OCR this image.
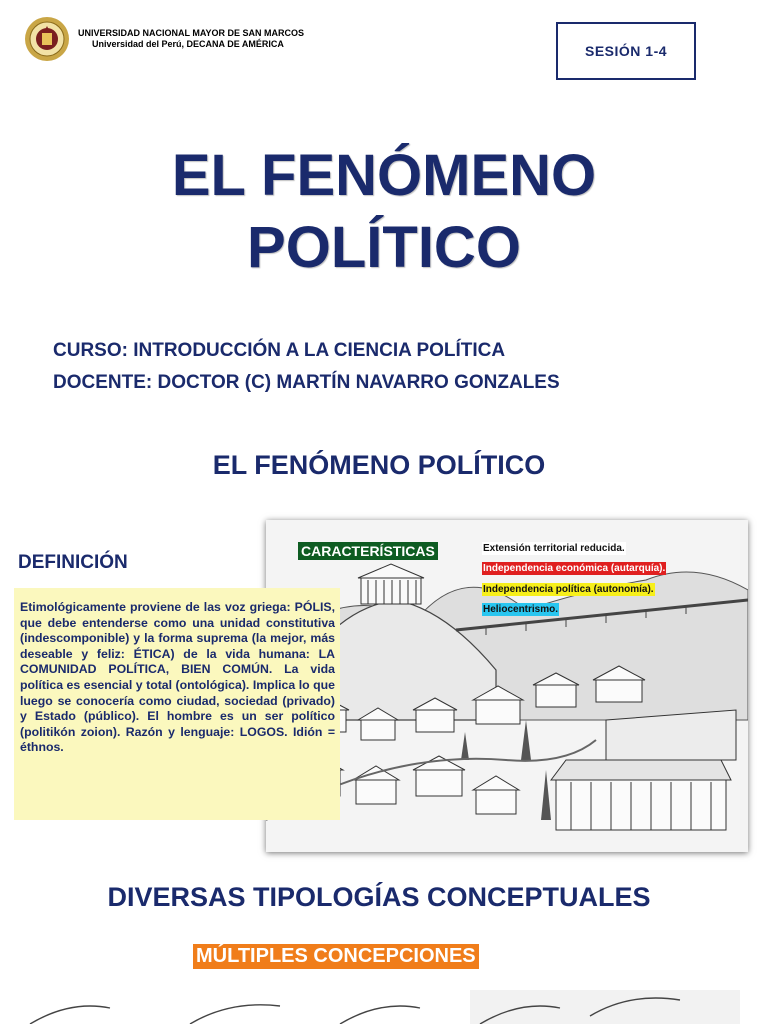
UNIVERSIDAD NACIONAL MAYOR DE SAN MARCOS
Universidad del Perú, DECANA DE AMÉRICA	SESIÓN 1-4
EL FENÓMENO
POLÍTICO
CURSO: INTRODUCCIÓN A LA CIENCIA POLÍTICA
DOCENTE: DOCTOR (C) MARTÍN NAVARRO GONZALES
EL FENÓMENO POLÍTICO
CARACTERÍSTICAS	Extensión territorial reducida.
Independencia económica (autarquía).
Independencia política (autonomía).
Heliocentrismo.
DEFINICIÓN

Etimológicamente proviene de las voz griega: PÓLIS, que debe entenderse como una unidad constitutiva (indescomponible) y la forma suprema (la mejor, más deseable y feliz: ÉTICA) de la vida humana: LA COMUNIDAD POLÍTICA, BIEN COMÚN. La vida política es esencial y total (ontológica). Implica lo que luego se conocería como ciudad, sociedad (privado) y Estado (público). El hombre es un ser político (politikón zoion). Razón y lenguaje: LOGOS. Idión = éthnos.

DIVERSAS TIPOLOGÍAS CONCEPTUALES
MÚLTIPLES CONCEPCIONES
